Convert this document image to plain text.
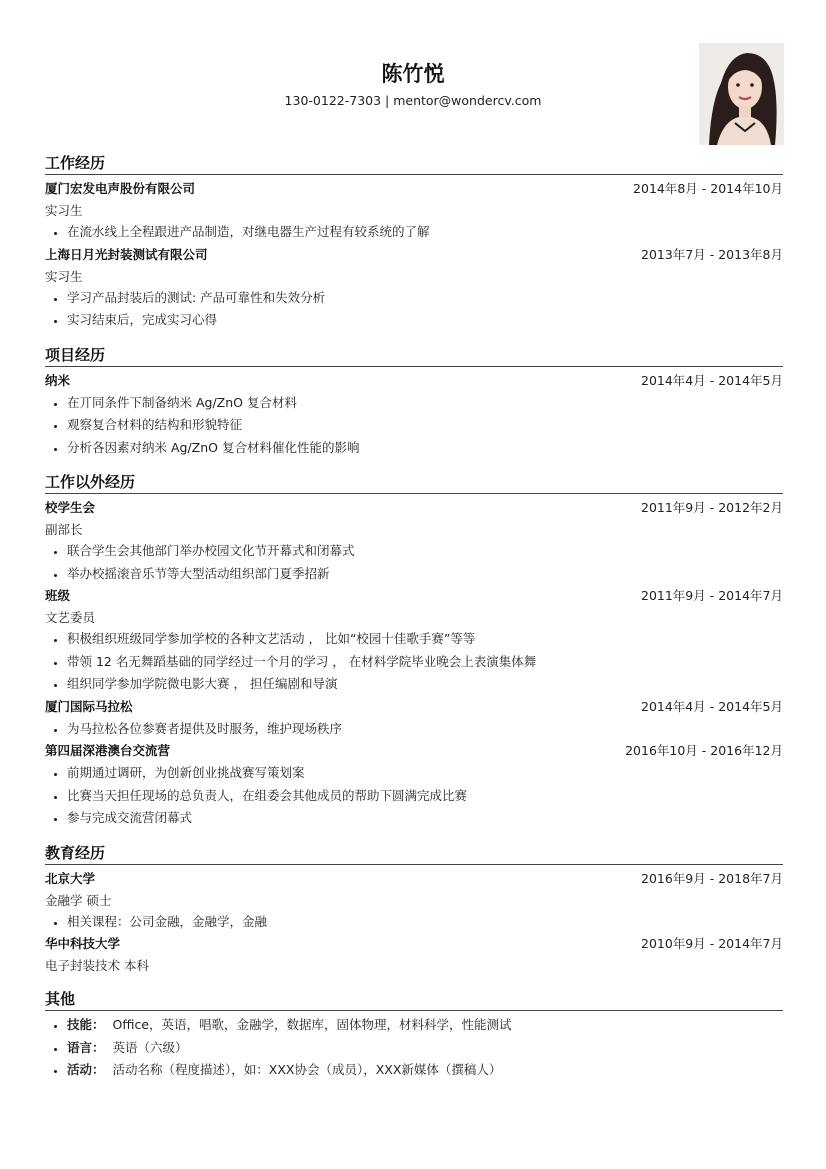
陈竹悦
130-0122-7303 | mentor@wondercv.com
工作经历
厦门宏发电声股份有限公司	2014年8月 - 2014年10月
实习生
• 在流水线上全程跟进产品制造，对继电器生产过程有较系统的了解
上海日月光封装测试有限公司	2013年7月 - 2013年8月
实习生
• 学习产品封装后的测试: 产品可靠性和失效分析
• 实习结束后，完成实习心得
项目经历
纳米	2014年4月 - 2014年5月
• 在丌同条件下制备纳米 Ag/ZnO 复合材料
• 观察复合材料的结构和形貌特征
• 分析各因素对纳米 Ag/ZnO 复合材料催化性能的影响
工作以外经历
校学生会	2011年9月 - 2012年2月
副部长
• 联合学生会其他部门举办校园文化节开幕式和闭幕式
• 举办校摇滚音乐节等大型活动组织部门夏季招新
班级	2011年9月 - 2014年7月
文艺委员
• 积极组织班级同学参加学校的各种文艺活动 ， 比如“校园十佳歌手赛”等等
• 带领 12 名无舞蹈基础的同学经过一个月的学习 ， 在材料学院毕业晚会上表演集体舞
• 组织同学参加学院微电影大赛 ， 担任编剧和导演
厦门国际马拉松	2014年4月 - 2014年5月
• 为马拉松各位参赛者提供及时服务，维护现场秩序
第四届深港澳台交流营	2016年10月 - 2016年12月
• 前期通过调研，为创新创业挑战赛写策划案
• 比赛当天担任现场的总负责人，在组委会其他成员的帮助下圆满完成比赛
• 参与完成交流营闭幕式
教育经历
北京大学	2016年9月 - 2018年7月
金融学 硕士
• 相关课程：公司金融，金融学，金融
华中科技大学	2010年9月 - 2014年7月
电子封装技术 本科
其他
• 技能： Office，英语，唱歌，金融学，数据库，固体物理，材料科学，性能测试
• 语言： 英语（六级）
• 活动： 活动名称（程度描述），如：XXX协会（成员），XXX新媒体（撰稿人）
